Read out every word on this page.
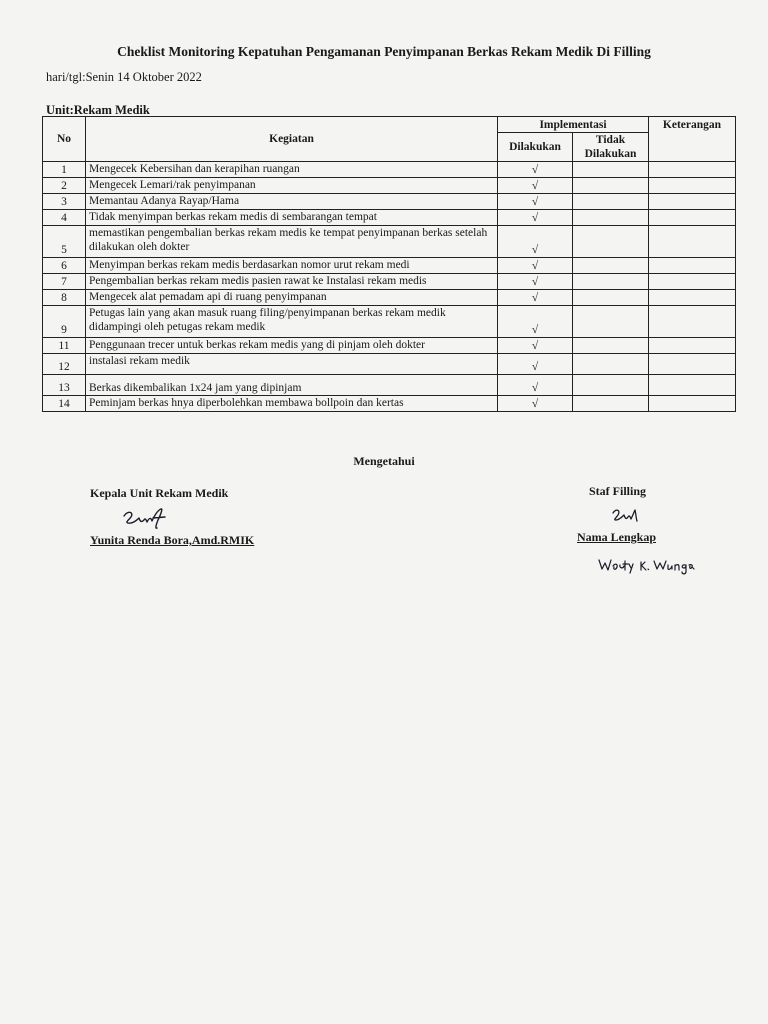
Cheklist Monitoring Kepatuhan Pengamanan Penyimpanan Berkas Rekam Medik Di Filling
hari/tgl:Senin 14 Oktober 2022
Unit:Rekam Medik
No	Kegiatan	Implementasi		Keterangan
		Dilakukan	Tidak
Dilakukan	

1	Mengecek Kebersihan dan kerapihan ruangan	√		
2	Mengecek Lemari/rak penyimpanan	√		
3	Memantau Adanya Rayap/Hama	√		
4	Tidak menyimpan berkas rekam medis di sembarangan tempat	√		
5	memastikan pengembalian berkas rekam medis ke tempat penyimpanan berkas setelah dilakukan oleh dokter	√		
6	Menyimpan berkas rekam medis berdasarkan nomor urut rekam medi	√		
7	Pengembalian berkas rekam medis pasien rawat ke Instalasi rekam medis	√		
8	Mengecek alat pemadam api di ruang penyimpanan	√		
9	Petugas lain yang akan masuk ruang filing/penyimpanan berkas rekam medik didampingi oleh petugas rekam medik	√		
11	Penggunaan trecer untuk berkas rekam medis yang di pinjam oleh dokter	√		
12	instalasi rekam medik	√		
13	Berkas dikembalikan 1x24 jam yang dipinjam	√		
14	Peminjam berkas hnya diperbolehkan membawa bollpoin dan kertas	√		
Mengetahui
Kepala Unit Rekam Medik
Yunita Renda Bora,Amd.RMIK
Staf Filling
Nama Lengkap
